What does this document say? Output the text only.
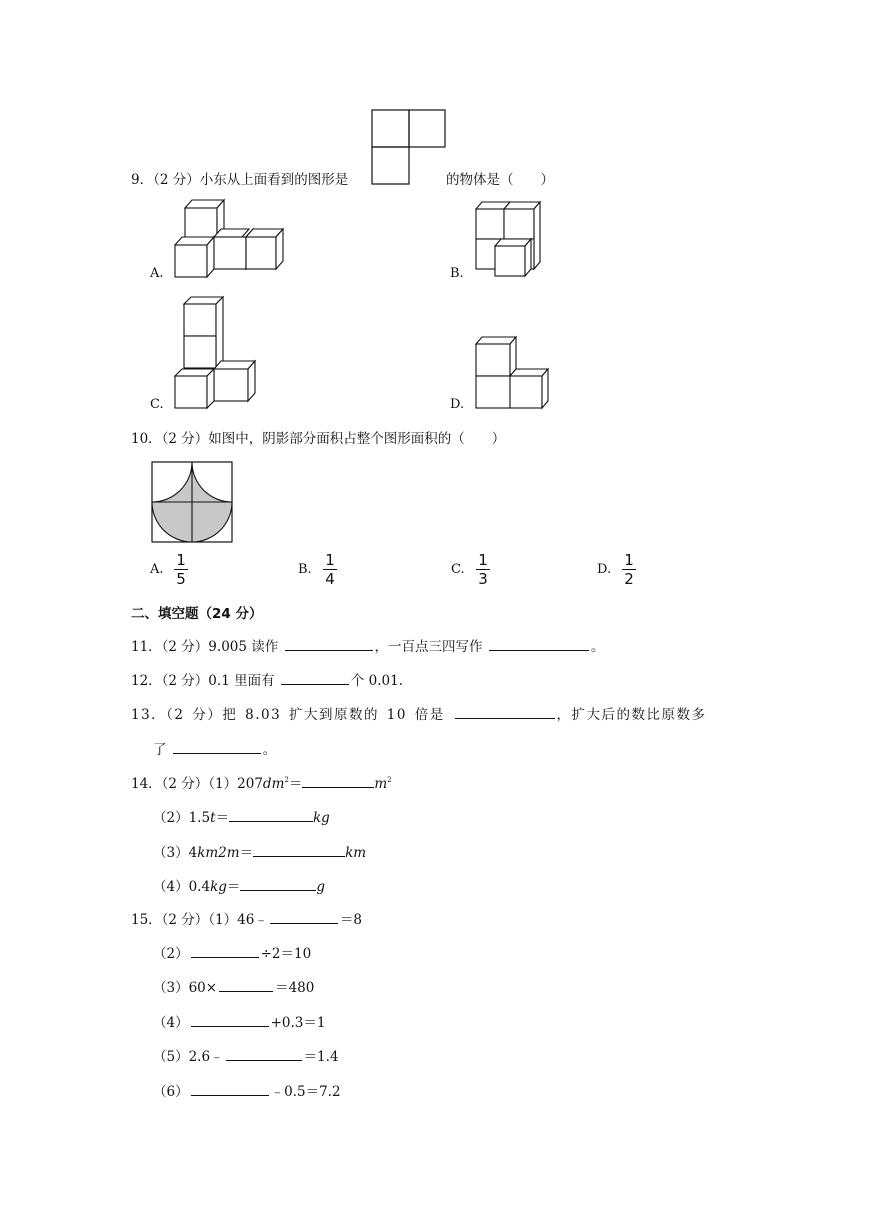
9．（2 分）小东从上面看到的图形是	的物体是（　　）
A.	B.
C.	D.
10．（2 分）如图中，阴影部分面积占整个图形面积的（　　）
A.
1
5
B.
1
4
C.
1
3
D.
1
2
二、填空题（24 分）
11．（2 分）9.005 读作	，一百点三四写作	。
12．（2 分）0.1 里面有	个 0.01.
13．（2 分）把 8.03 扩大到原数的 10 倍是	，扩大后的数比原数多
了	。
14．（2 分）$(1)207dm^2=$	$m^2$
（2）1.5t＝	kg
（3）4km2m＝	km
（4）0.4kg＝	g
15．（2 分）（1）46﹣	＝8
（2）	÷2＝10
（3）60×	＝480
（4）	+0.3＝1
（5）2.6﹣	＝1.4
（6）	﹣0.5＝7.2
